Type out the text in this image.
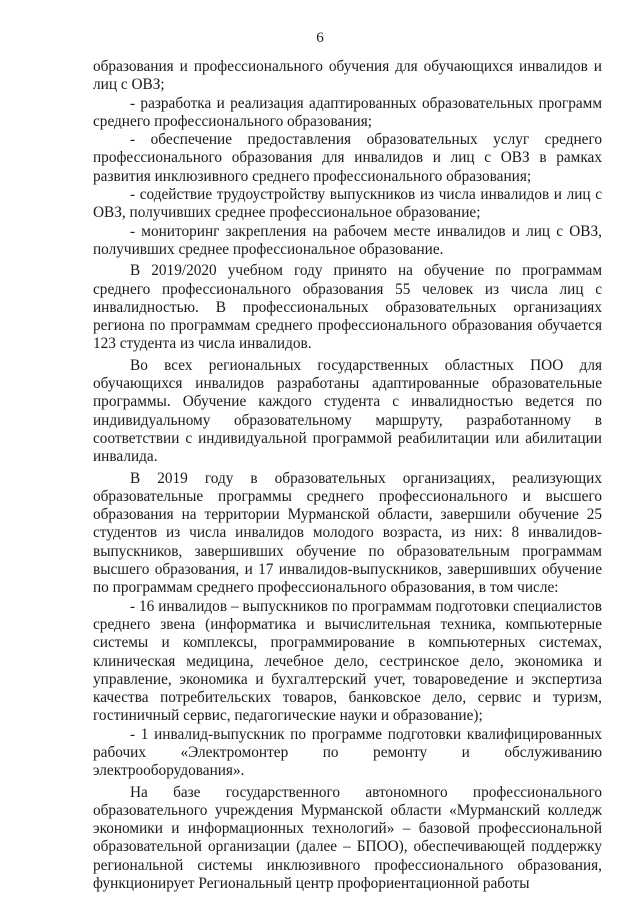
6

образования и профессионального обучения для обучающихся инвалидов и лиц с ОВЗ;

- разработка и реализация адаптированных образовательных программ среднего профессионального образования;

- обеспечение предоставления образовательных услуг среднего профессионального образования для инвалидов и лиц с ОВЗ в рамках развития инклюзивного среднего профессионального образования;

- содействие трудоустройству выпускников из числа инвалидов и лиц с ОВЗ, получивших среднее профессиональное образование;

- мониторинг закрепления на рабочем месте инвалидов и лиц с ОВЗ, получивших среднее профессиональное образование.

В 2019/2020 учебном году принято на обучение по программам среднего профессионального образования 55 человек из числа лиц с инвалидностью. В профессиональных образовательных организациях региона по программам среднего профессионального образования обучается 123 студента из числа инвалидов.

Во всех региональных государственных областных ПОО для обучающихся инвалидов разработаны адаптированные образовательные программы. Обучение каждого студента с инвалидностью ведется по индивидуальному образовательному маршруту, разработанному в соответствии с индивидуальной программой реабилитации или абилитации инвалида.

В 2019 году в образовательных организациях, реализующих образовательные программы среднего профессионального и высшего образования на территории Мурманской области, завершили обучение 25 студентов из числа инвалидов молодого возраста, из них: 8 инвалидов-выпускников, завершивших обучение по образовательным программам высшего образования, и 17 инвалидов-выпускников, завершивших обучение по программам среднего профессионального образования, в том числе:

- 16 инвалидов – выпускников по программам подготовки специалистов среднего звена (информатика и вычислительная техника, компьютерные системы и комплексы, программирование в компьютерных системах, клиническая медицина, лечебное дело, сестринское дело, экономика и управление, экономика и бухгалтерский учет, товароведение и экспертиза качества потребительских товаров, банковское дело, сервис и туризм, гостиничный сервис, педагогические науки и образование);

- 1 инвалид-выпускник по программе подготовки квалифицированных рабочих «Электромонтер по ремонту и обслуживанию электрооборудования».

На базе государственного автономного профессионального образовательного учреждения Мурманской области «Мурманский колледж экономики и информационных технологий» – базовой профессиональной образовательной организации (далее – БПОО), обеспечивающей поддержку региональной системы инклюзивного профессионального образования, функционирует Региональный центр профориентационной работы
